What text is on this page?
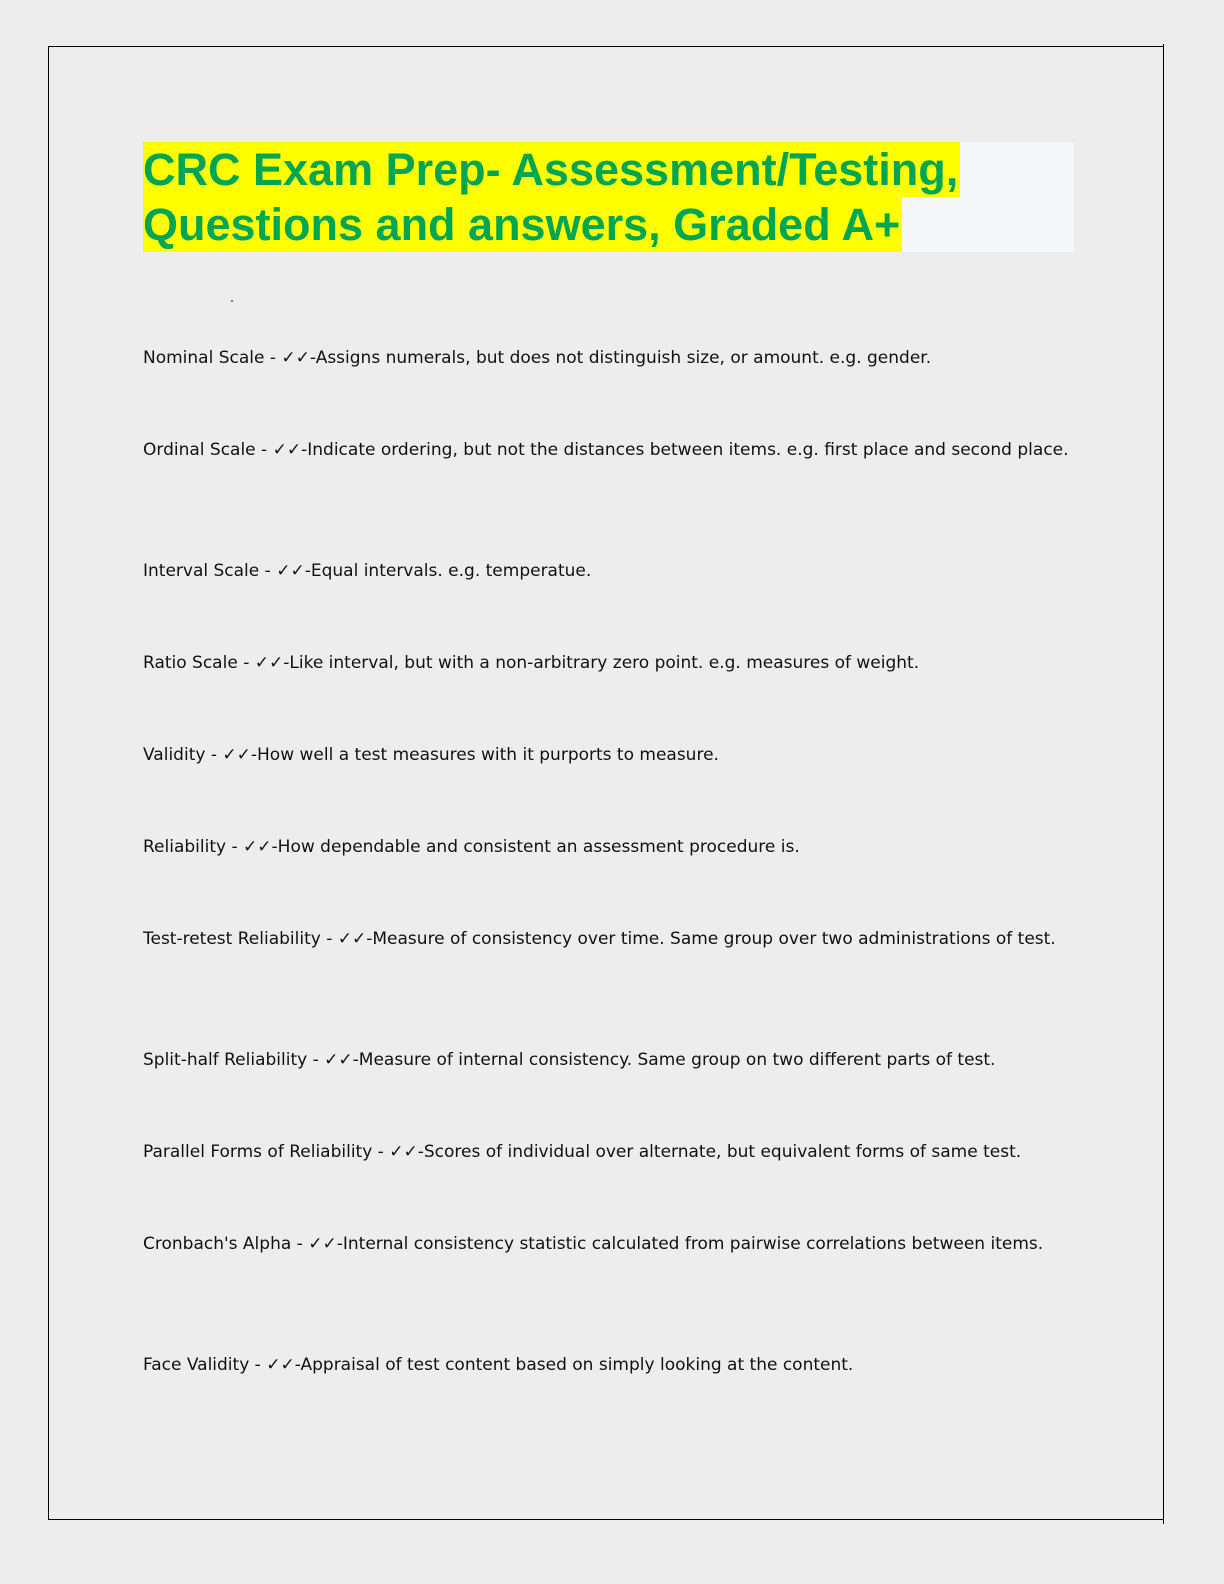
CRC Exam Prep- Assessment/Testing,
Questions and answers, Graded A+
Nominal Scale - ✓✓-Assigns numerals, but does not distinguish size, or amount. e.g. gender.
Ordinal Scale - ✓✓-Indicate ordering, but not the distances between items. e.g. first place and second place.
Interval Scale - ✓✓-Equal intervals. e.g. temperatue.
Ratio Scale - ✓✓-Like interval, but with a non-arbitrary zero point. e.g. measures of weight.
Validity - ✓✓-How well a test measures with it purports to measure.
Reliability - ✓✓-How dependable and consistent an assessment procedure is.
Test-retest Reliability - ✓✓-Measure of consistency over time. Same group over two administrations of test.
Split-half Reliability - ✓✓-Measure of internal consistency. Same group on two different parts of test.
Parallel Forms of Reliability - ✓✓-Scores of individual over alternate, but equivalent forms of same test.
Cronbach's Alpha - ✓✓-Internal consistency statistic calculated from pairwise correlations between items.
Face Validity - ✓✓-Appraisal of test content based on simply looking at the content.
